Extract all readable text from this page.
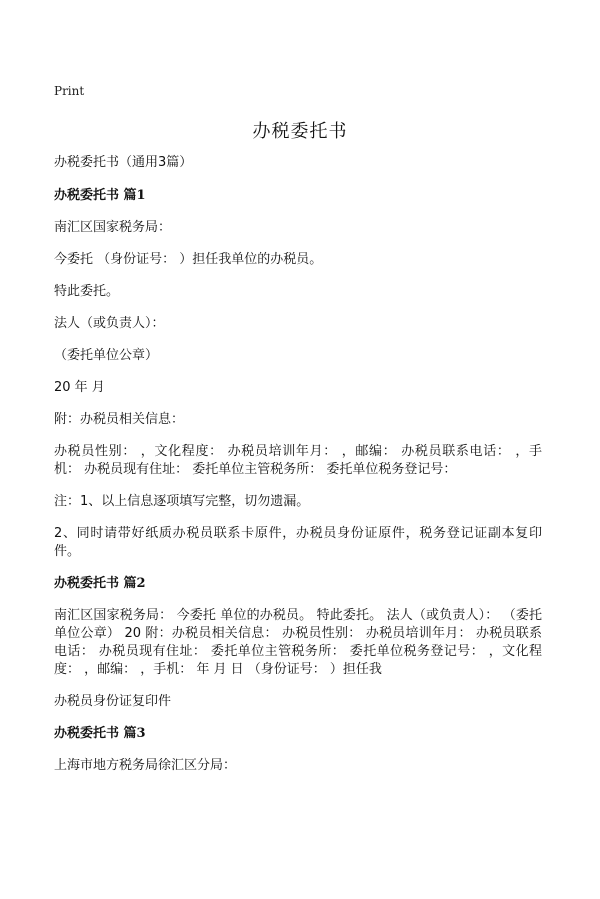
Print
办税委托书

办税委托书（通用3篇）

办税委托书 篇1

南汇区国家税务局：

今委托 （身份证号： ）担任我单位的办税员。

特此委托。

法人（或负责人）：

（委托单位公章）

20 年 月

附：办税员相关信息：

办税员性别： ，文化程度： 办税员培训年月： ，邮编： 办税员联系电话： ，手机： 办税员现有住址： 委托单位主管税务所： 委托单位税务登记号：

注：1、以上信息逐项填写完整，切勿遗漏。

2、同时请带好纸质办税员联系卡原件，办税员身份证原件，税务登记证副本复印件。

办税委托书 篇2

南汇区国家税务局： 今委托 单位的办税员。 特此委托。 法人（或负责人）： （委托单位公章） 20 附：办税员相关信息： 办税员性别： 办税员培训年月： 办税员联系电话： 办税员现有住址： 委托单位主管税务所： 委托单位税务登记号： ，文化程度： ，邮编： ，手机： 年 月 日 （身份证号： ）担任我

办税员身份证复印件

办税委托书 篇3

上海市地方税务局徐汇区分局：
